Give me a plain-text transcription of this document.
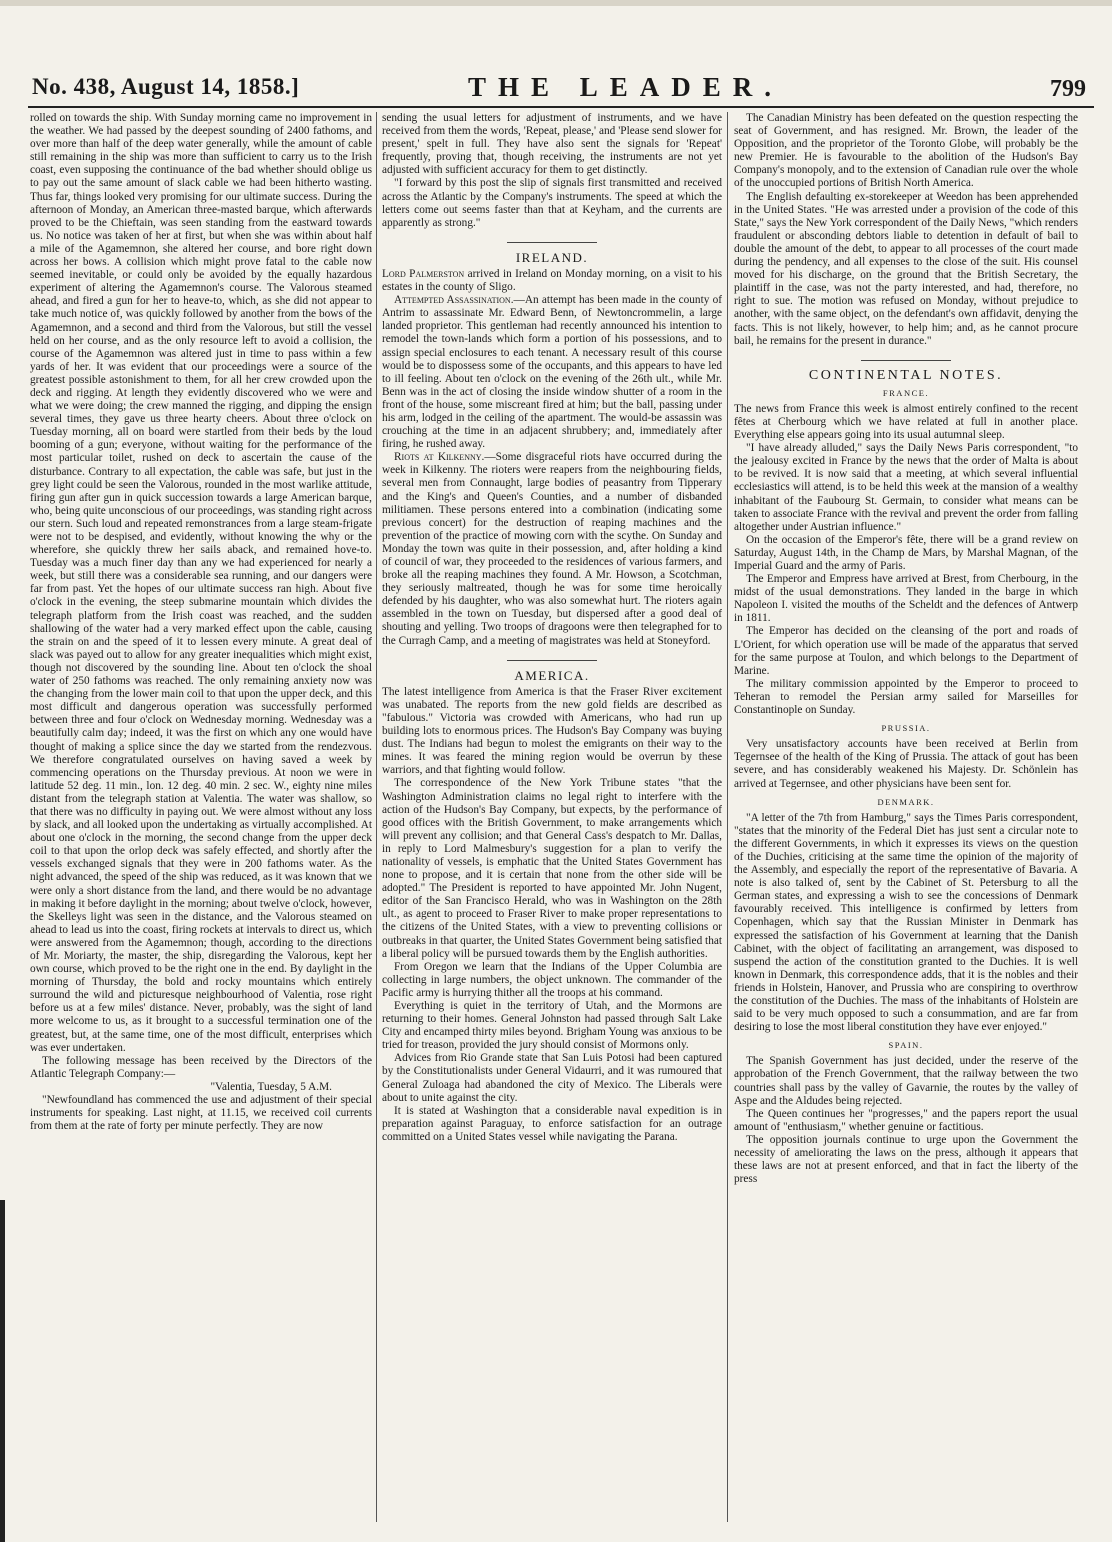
No. 438, August 14, 1858.]	THE LEADER.	799

rolled on towards the ship. With Sunday morning came no improvement in the weather. We had passed by the deepest sounding of 2400 fathoms, and over more than half of the deep water generally, while the amount of cable still remaining in the ship was more than sufficient to carry us to the Irish coast, even supposing the continuance of the bad whether should oblige us to pay out the same amount of slack cable we had been hitherto wasting. Thus far, things looked very promising for our ultimate success. During the afternoon of Monday, an American three-masted barque, which afterwards proved to be the Chieftain, was seen standing from the eastward towards us. No notice was taken of her at first, but when she was within about half a mile of the Agamemnon, she altered her course, and bore right down across her bows. A collision which might prove fatal to the cable now seemed inevitable, or could only be avoided by the equally hazardous experiment of altering the Agamemnon's course. The Valorous steamed ahead, and fired a gun for her to heave-to, which, as she did not appear to take much notice of, was quickly followed by another from the bows of the Agamemnon, and a second and third from the Valorous, but still the vessel held on her course, and as the only resource left to avoid a collision, the course of the Agamemnon was altered just in time to pass within a few yards of her. It was evident that our proceedings were a source of the greatest possible astonishment to them, for all her crew crowded upon the deck and rigging. At length they evidently discovered who we were and what we were doing; the crew manned the rigging, and dipping the ensign several times, they gave us three hearty cheers. About three o'clock on Tuesday morning, all on board were startled from their beds by the loud booming of a gun; everyone, without waiting for the performance of the most particular toilet, rushed on deck to ascertain the cause of the disturbance. Contrary to all expectation, the cable was safe, but just in the grey light could be seen the Valorous, rounded in the most warlike attitude, firing gun after gun in quick succession towards a large American barque, who, being quite unconscious of our proceedings, was standing right across our stern. Such loud and repeated remonstrances from a large steam-frigate were not to be despised, and evidently, without knowing the why or the wherefore, she quickly threw her sails aback, and remained hove-to. Tuesday was a much finer day than any we had experienced for nearly a week, but still there was a considerable sea running, and our dangers were far from past. Yet the hopes of our ultimate success ran high. About five o'clock in the evening, the steep submarine mountain which divides the telegraph platform from the Irish coast was reached, and the sudden shallowing of the water had a very marked effect upon the cable, causing the strain on and the speed of it to lessen every minute. A great deal of slack was payed out to allow for any greater inequalities which might exist, though not discovered by the sounding line. About ten o'clock the shoal water of 250 fathoms was reached. The only remaining anxiety now was the changing from the lower main coil to that upon the upper deck, and this most difficult and dangerous operation was successfully performed between three and four o'clock on Wednesday morning. Wednesday was a beautifully calm day; indeed, it was the first on which any one would have thought of making a splice since the day we started from the rendezvous. We therefore congratulated ourselves on having saved a week by commencing operations on the Thursday previous. At noon we were in latitude 52 deg. 11 min., lon. 12 deg. 40 min. 2 sec. W., eighty nine miles distant from the telegraph station at Valentia. The water was shallow, so that there was no difficulty in paying out. We were almost without any loss by slack, and all looked upon the undertaking as virtually accomplished. At about one o'clock in the morning, the second change from the upper deck coil to that upon the orlop deck was safely effected, and shortly after the vessels exchanged signals that they were in 200 fathoms water. As the night advanced, the speed of the ship was reduced, as it was known that we were only a short distance from the land, and there would be no advantage in making it before daylight in the morning; about twelve o'clock, however, the Skelleys light was seen in the distance, and the Valorous steamed on ahead to lead us into the coast, firing rockets at intervals to direct us, which were answered from the Agamemnon; though, according to the directions of Mr. Moriarty, the master, the ship, disregarding the Valorous, kept her own course, which proved to be the right one in the end. By daylight in the morning of Thursday, the bold and rocky mountains which entirely surround the wild and picturesque neighbourhood of Valentia, rose right before us at a few miles' distance. Never, probably, was the sight of land more welcome to us, as it brought to a successful termination one of the greatest, but, at the same time, one of the most difficult, enterprises which was ever undertaken.

The following message has been received by the Directors of the Atlantic Telegraph Company:—

"Valentia, Tuesday, 5 A.M.

"Newfoundland has commenced the use and adjustment of their special instruments for speaking. Last night, at 11.15, we received coil currents from them at the rate of forty per minute perfectly. They are now

sending the usual letters for adjustment of instruments, and we have received from them the words, 'Repeat, please,' and 'Please send slower for present,' spelt in full. They have also sent the signals for 'Repeat' frequently, proving that, though receiving, the instruments are not yet adjusted with sufficient accuracy for them to get distinctly.

"I forward by this post the slip of signals first transmitted and received across the Atlantic by the Company's instruments. The speed at which the letters come out seems faster than that at Keyham, and the currents are apparently as strong."

IRELAND.

Lord Palmerston arrived in Ireland on Monday morning, on a visit to his estates in the county of Sligo.

Attempted Assassination.—An attempt has been made in the county of Antrim to assassinate Mr. Edward Benn, of Newtoncrommelin, a large landed proprietor. This gentleman had recently announced his intention to remodel the town-lands which form a portion of his possessions, and to assign special enclosures to each tenant. A necessary result of this course would be to dispossess some of the occupants, and this appears to have led to ill feeling. About ten o'clock on the evening of the 26th ult., while Mr. Benn was in the act of closing the inside window shutter of a room in the front of the house, some miscreant fired at him; but the ball, passing under his arm, lodged in the ceiling of the apartment. The would-be assassin was crouching at the time in an adjacent shrubbery; and, immediately after firing, he rushed away.

Riots at Kilkenny.—Some disgraceful riots have occurred during the week in Kilkenny. The rioters were reapers from the neighbouring fields, several men from Connaught, large bodies of peasantry from Tipperary and the King's and Queen's Counties, and a number of disbanded militiamen. These persons entered into a combination (indicating some previous concert) for the destruction of reaping machines and the prevention of the practice of mowing corn with the scythe. On Sunday and Monday the town was quite in their possession, and, after holding a kind of council of war, they proceeded to the residences of various farmers, and broke all the reaping machines they found. A Mr. Howson, a Scotchman, they seriously maltreated, though he was for some time heroically defended by his daughter, who was also somewhat hurt. The rioters again assembled in the town on Tuesday, but dispersed after a good deal of shouting and yelling. Two troops of dragoons were then telegraphed for to the Curragh Camp, and a meeting of magistrates was held at Stoneyford.

AMERICA.

The latest intelligence from America is that the Fraser River excitement was unabated. The reports from the new gold fields are described as "fabulous." Victoria was crowded with Americans, who had run up building lots to enormous prices. The Hudson's Bay Company was buying dust. The Indians had begun to molest the emigrants on their way to the mines. It was feared the mining region would be overrun by these warriors, and that fighting would follow.

The correspondence of the New York Tribune states "that the Washington Administration claims no legal right to interfere with the action of the Hudson's Bay Company, but expects, by the performance of good offices with the British Government, to make arrangements which will prevent any collision; and that General Cass's despatch to Mr. Dallas, in reply to Lord Malmesbury's suggestion for a plan to verify the nationality of vessels, is emphatic that the United States Government has none to propose, and it is certain that none from the other side will be adopted." The President is reported to have appointed Mr. John Nugent, editor of the San Francisco Herald, who was in Washington on the 28th ult., as agent to proceed to Fraser River to make proper representations to the citizens of the United States, with a view to preventing collisions or outbreaks in that quarter, the United States Government being satisfied that a liberal policy will be pursued towards them by the English authorities.

From Oregon we learn that the Indians of the Upper Columbia are collecting in large numbers, the object unknown. The commander of the Pacific army is hurrying thither all the troops at his command.

Everything is quiet in the territory of Utah, and the Mormons are returning to their homes. General Johnston had passed through Salt Lake City and encamped thirty miles beyond. Brigham Young was anxious to be tried for treason, provided the jury should consist of Mormons only.

Advices from Rio Grande state that San Luis Potosi had been captured by the Constitutionalists under General Vidaurri, and it was rumoured that General Zuloaga had abandoned the city of Mexico. The Liberals were about to unite against the city.

It is stated at Washington that a considerable naval expedition is in preparation against Paraguay, to enforce satisfaction for an outrage committed on a United States vessel while navigating the Parana.

The Canadian Ministry has been defeated on the question respecting the seat of Government, and has resigned. Mr. Brown, the leader of the Opposition, and the proprietor of the Toronto Globe, will probably be the new Premier. He is favourable to the abolition of the Hudson's Bay Company's monopoly, and to the extension of Canadian rule over the whole of the unoccupied portions of British North America.

The English defaulting ex-storekeeper at Weedon has been apprehended in the United States. "He was arrested under a provision of the code of this State," says the New York correspondent of the Daily News, "which renders fraudulent or absconding debtors liable to detention in default of bail to double the amount of the debt, to appear to all processes of the court made during the pendency, and all expenses to the close of the suit. His counsel moved for his discharge, on the ground that the British Secretary, the plaintiff in the case, was not the party interested, and had, therefore, no right to sue. The motion was refused on Monday, without prejudice to another, with the same object, on the defendant's own affidavit, denying the facts. This is not likely, however, to help him; and, as he cannot procure bail, he remains for the present in durance."

CONTINENTAL NOTES.
FRANCE.

The news from France this week is almost entirely confined to the recent fêtes at Cherbourg which we have related at full in another place. Everything else appears going into its usual autumnal sleep.

"I have already alluded," says the Daily News Paris correspondent, "to the jealousy excited in France by the news that the order of Malta is about to be revived. It is now said that a meeting, at which several influential ecclesiastics will attend, is to be held this week at the mansion of a wealthy inhabitant of the Faubourg St. Germain, to consider what means can be taken to associate France with the revival and prevent the order from falling altogether under Austrian influence."

On the occasion of the Emperor's fête, there will be a grand review on Saturday, August 14th, in the Champ de Mars, by Marshal Magnan, of the Imperial Guard and the army of Paris.

The Emperor and Empress have arrived at Brest, from Cherbourg, in the midst of the usual demonstrations. They landed in the barge in which Napoleon I. visited the mouths of the Scheldt and the defences of Antwerp in 1811.

The Emperor has decided on the cleansing of the port and roads of L'Orient, for which operation use will be made of the apparatus that served for the same purpose at Toulon, and which belongs to the Department of Marine.

The military commission appointed by the Emperor to proceed to Teheran to remodel the Persian army sailed for Marseilles for Constantinople on Sunday.

PRUSSIA.

Very unsatisfactory accounts have been received at Berlin from Tegernsee of the health of the King of Prussia. The attack of gout has been severe, and has considerably weakened his Majesty. Dr. Schönlein has arrived at Tegernsee, and other physicians have been sent for.

DENMARK.

"A letter of the 7th from Hamburg," says the Times Paris correspondent, "states that the minority of the Federal Diet has just sent a circular note to the different Governments, in which it expresses its views on the question of the Duchies, criticising at the same time the opinion of the majority of the Assembly, and especially the report of the representative of Bavaria. A note is also talked of, sent by the Cabinet of St. Petersburg to all the German states, and expressing a wish to see the concessions of Denmark favourably received. This intelligence is confirmed by letters from Copenhagen, which say that the Russian Minister in Denmark has expressed the satisfaction of his Government at learning that the Danish Cabinet, with the object of facilitating an arrangement, was disposed to suspend the action of the constitution granted to the Duchies. It is well known in Denmark, this correspondence adds, that it is the nobles and their friends in Holstein, Hanover, and Prussia who are conspiring to overthrow the constitution of the Duchies. The mass of the inhabitants of Holstein are said to be very much opposed to such a consummation, and are far from desiring to lose the most liberal constitution they have ever enjoyed."

SPAIN.

The Spanish Government has just decided, under the reserve of the approbation of the French Government, that the railway between the two countries shall pass by the valley of Gavarnie, the routes by the valley of Aspe and the Aldudes being rejected.

The Queen continues her "progresses," and the papers report the usual amount of "enthusiasm," whether genuine or factitious.

The opposition journals continue to urge upon the Government the necessity of ameliorating the laws on the press, although it appears that these laws are not at present enforced, and that in fact the liberty of the press
